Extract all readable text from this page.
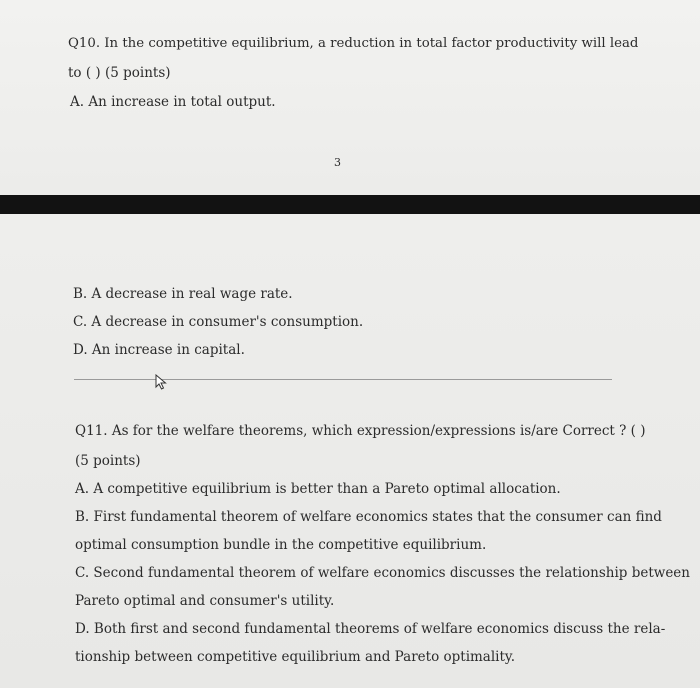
Q10. In the competitive equilibrium, a reduction in total factor productivity will lead
to ( ) (5 points)
A. An increase in total output.
3
B. A decrease in real wage rate.
C. A decrease in consumer's consumption.
D. An increase in capital.
Q11. As for the welfare theorems, which expression/expressions is/are Correct ? ( )
(5 points)
A. A competitive equilibrium is better than a Pareto optimal allocation.
B. First fundamental theorem of welfare economics states that the consumer can find
optimal consumption bundle in the competitive equilibrium.
C. Second fundamental theorem of welfare economics discusses the relationship between
Pareto optimal and consumer's utility.
D. Both first and second fundamental theorems of welfare economics discuss the rela-
tionship between competitive equilibrium and Pareto optimality.
